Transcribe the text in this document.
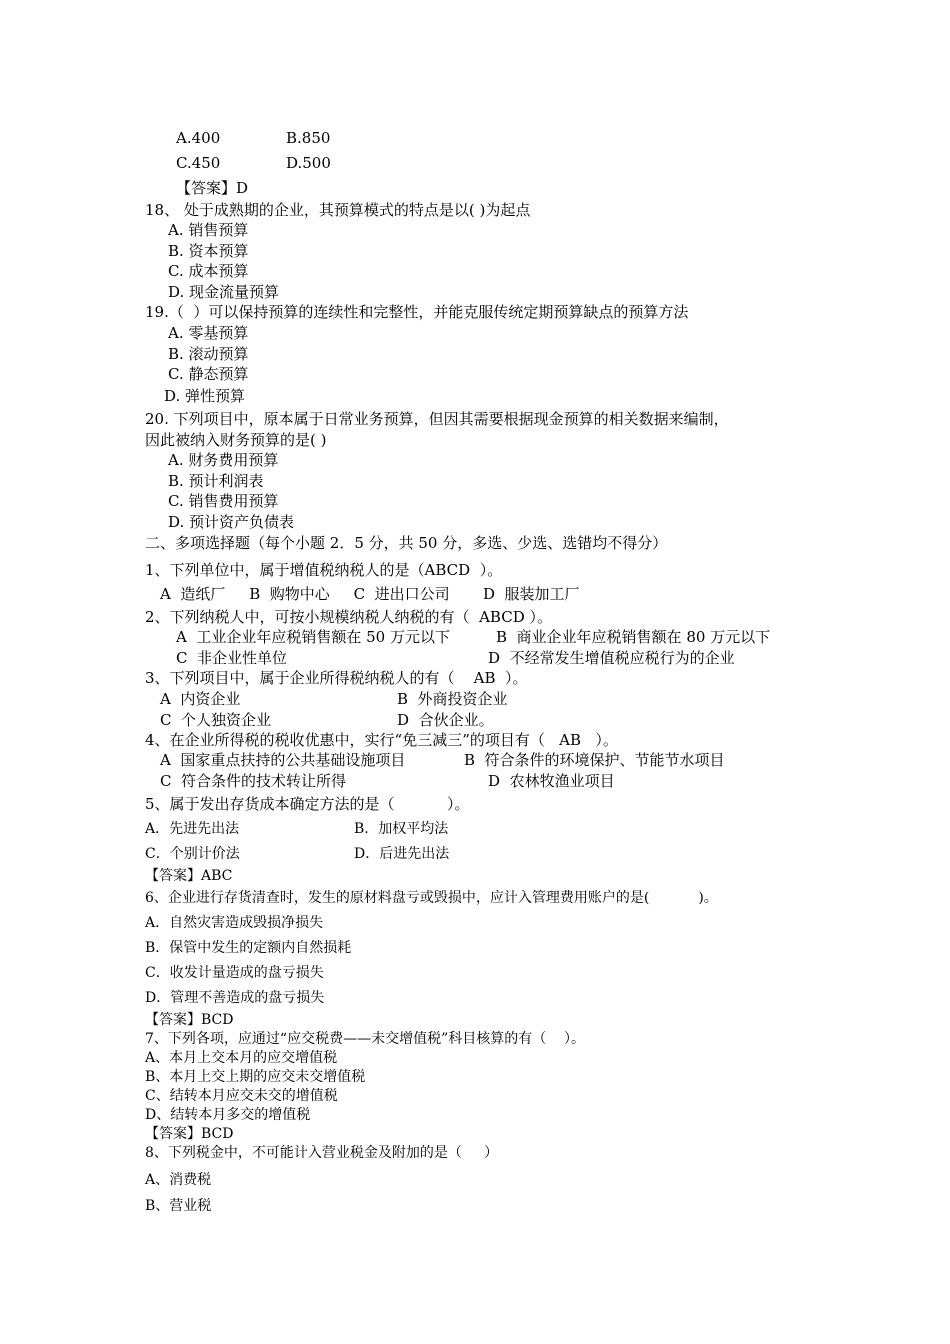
A.400	B.850
C.450	D.500
【答案】D
18、 处于成熟期的企业，其预算模式的特点是以( )为起点
A. 销售预算
B. 资本预算
C. 成本预算
D. 现金流量预算
19.（  ）可以保持预算的连续性和完整性，并能克服传统定期预算缺点的预算方法
A. 零基预算
B. 滚动预算
C. 静态预算
D. 弹性预算
20. 下列项目中，原本属于日常业务预算，但因其需要根据现金预算的相关数据来编制，
因此被纳入财务预算的是( )
A. 财务费用预算
B. 预计利润表
C. 销售费用预算
D. 预计资产负债表
二、多项选择题（每个小题 2．5 分，共 50 分，多选、少选、选错均不得分）
1、下列单位中，属于增值税纳税人的是（ABCD  ）。
A  造纸厂     B  购物中心     C  进出口公司       D  服装加工厂
2、下列纳税人中，可按小规模纳税人纳税的有（  ABCD ）。
A  工业企业年应税销售额在 50 万元以下	B  商业企业年应税销售额在 80 万元以下
C  非企业性单位	D  不经常发生增值税应税行为的企业
3、下列项目中，属于企业所得税纳税人的有（    AB  ）。
A  内资企业	B  外商投资企业
C  个人独资企业	D  合伙企业。
4、在企业所得税的税收优惠中，实行“免三减三”的项目有（   AB   ）。
A  国家重点扶持的公共基础设施项目	B  符合条件的环境保护、节能节水项目
C  符合条件的技术转让所得	D  农林牧渔业项目
5、属于发出存货成本确定方法的是（           ）。
A．先进先出法	B．加权平均法
C．个别计价法	D．后进先出法
【答案】ABC
6、企业进行存货清查时，发生的原材料盘亏或毁损中，应计入管理费用账户的是(           )。
A．自然灾害造成毁损净损失
B．保管中发生的定额内自然损耗
C．收发计量造成的盘亏损失
D．管理不善造成的盘亏损失
【答案】BCD
7、下列各项，应通过“应交税费——未交增值税”科目核算的有（    ）。
A、本月上交本月的应交增值税
B、本月上交上期的应交未交增值税
C、结转本月应交未交的增值税
D、结转本月多交的增值税
【答案】BCD
8、下列税金中，不可能计入营业税金及附加的是（     ）
A、消费税
B、营业税
